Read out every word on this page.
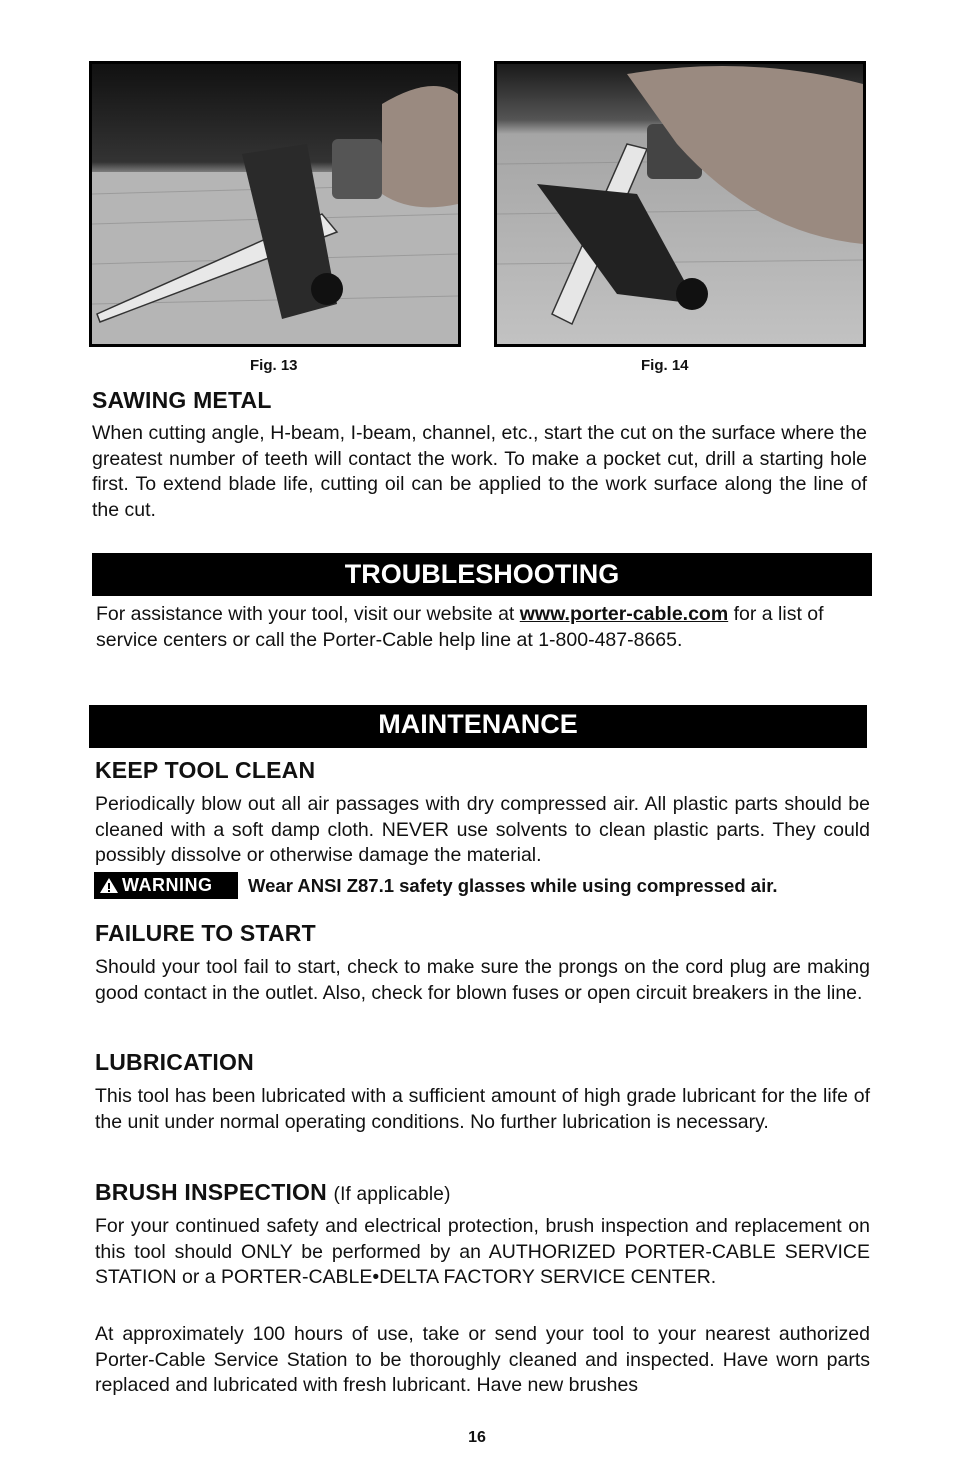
Fig. 13	Fig. 14
SAWING METAL

When cutting angle, H-beam, I-beam, channel, etc., start the cut on the surface where the greatest number of teeth will contact the work. To make a pocket cut, drill a starting hole first. To extend blade life, cutting oil can be applied to the work surface along the line of the cut.

TROUBLESHOOTING

For assistance with your tool, visit our website at www.porter-cable.com for a list of service centers or call the Porter-Cable help line at 1-800-487-8665.

MAINTENANCE
KEEP TOOL CLEAN

Periodically blow out all air passages with dry compressed air. All plastic parts should be cleaned with a soft damp cloth. NEVER use solvents to clean plastic parts. They could possibly dissolve or otherwise damage the material.

WARNING Wear ANSI Z87.1 safety glasses while using compressed air.
FAILURE TO START

Should your tool fail to start, check to make sure the prongs on the cord plug are making good contact in the outlet. Also, check for blown fuses or open circuit breakers in the line.

LUBRICATION

This tool has been lubricated with a sufficient amount of high grade lubricant for the life of the unit under normal operating conditions. No further lubrication is necessary.

BRUSH INSPECTION (If applicable)

For your continued safety and electrical protection, brush inspection and replacement on this tool should ONLY be performed by an AUTHORIZED PORTER-CABLE SERVICE STATION or a PORTER-CABLE•DELTA FACTORY SERVICE CENTER.

At approximately 100 hours of use, take or send your tool to your nearest authorized Porter-Cable Service Station to be thoroughly cleaned and inspected. Have worn parts replaced and lubricated with fresh lubricant. Have new brushes

16
